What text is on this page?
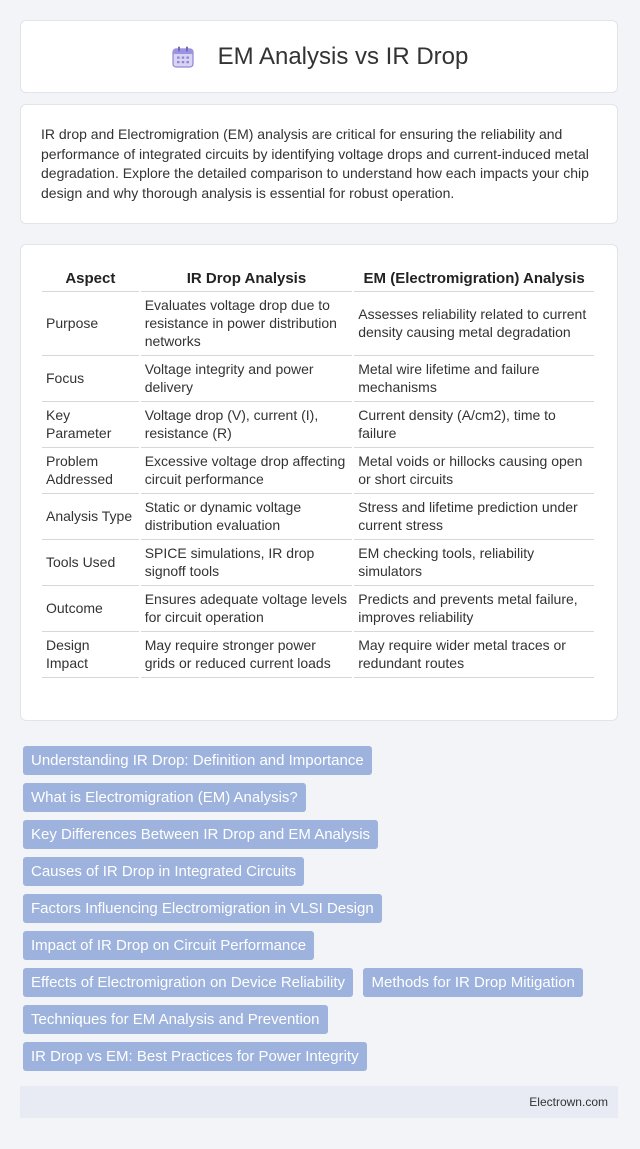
EM Analysis vs IR Drop

IR drop and Electromigration (EM) analysis are critical for ensuring the reliability and performance of integrated circuits by identifying voltage drops and current-induced metal degradation. Explore the detailed comparison to understand how each impacts your chip design and why thorough analysis is essential for robust operation.

Aspect	IR Drop Analysis	EM (Electromigration) Analysis
Purpose	Evaluates voltage drop due to resistance in power distribution networks	Assesses reliability related to current density causing metal degradation
Focus	Voltage integrity and power delivery	Metal wire lifetime and failure mechanisms
Key Parameter	Voltage drop (V), current (I), resistance (R)	Current density (A/cm2), time to failure
Problem Addressed	Excessive voltage drop affecting circuit performance	Metal voids or hillocks causing open or short circuits
Analysis Type	Static or dynamic voltage distribution evaluation	Stress and lifetime prediction under current stress
Tools Used	SPICE simulations, IR drop signoff tools	EM checking tools, reliability simulators
Outcome	Ensures adequate voltage levels for circuit operation	Predicts and prevents metal failure, improves reliability
Design Impact	May require stronger power grids or reduced current loads	May require wider metal traces or redundant routes
Understanding IR Drop: Definition and Importance
What is Electromigration (EM) Analysis?
Key Differences Between IR Drop and EM Analysis
Causes of IR Drop in Integrated Circuits
Factors Influencing Electromigration in VLSI Design
Impact of IR Drop on Circuit Performance
Effects of Electromigration on Device Reliability Methods for IR Drop Mitigation
Techniques for EM Analysis and Prevention
IR Drop vs EM: Best Practices for Power Integrity
Electrown.com
